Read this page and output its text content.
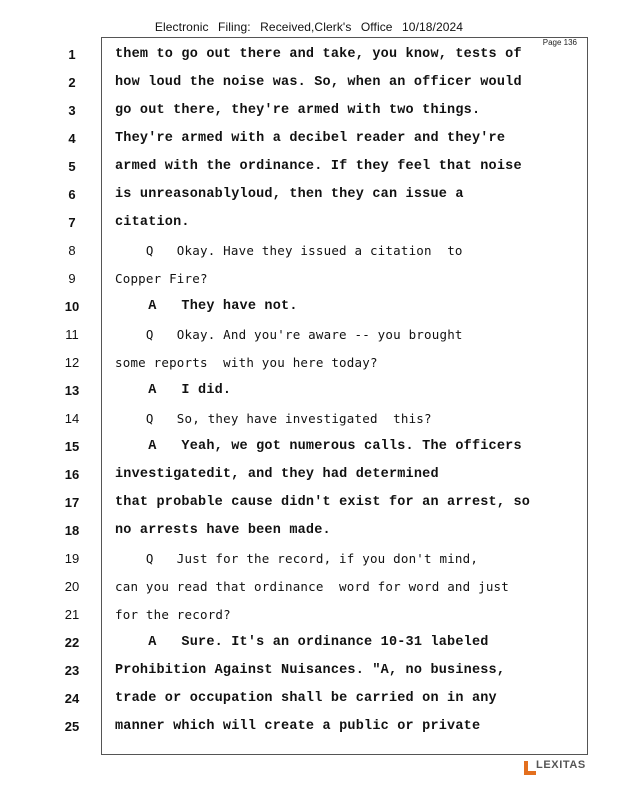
Electronic Filing: Received,Clerk's Office 10/18/2024
Page 136
1	them to go out there and take, you know, tests of
2	how loud the noise was. So, when an officer would
3	go out there, they're armed with two things.
4	They're armed with a decibel reader and they're
5	armed with the ordinance. If they feel that noise
6	is unreasonablyloud, then they can issue a
7	citation.
8	Q   Okay. Have they issued a citation  to
9	Copper Fire?
10	A   They have not.
11	Q   Okay. And you're aware -- you brought
12	some reports  with you here today?
13	A   I did.
14	Q   So, they have investigated  this?
15	A   Yeah, we got numerous calls. The officers
16	investigatedit, and they had determined
17	that probable cause didn't exist for an arrest, so
18	no arrests have been made.
19	Q   Just for the record, if you don't mind,
20	can you read that ordinance  word for word and just
21	for the record?
22	A   Sure. It's an ordinance 10-31 labeled
23	Prohibition Against Nuisances. "A, no business,
24	trade or occupation shall be carried on in any
25	manner which will create a public or private
LEXITAS
